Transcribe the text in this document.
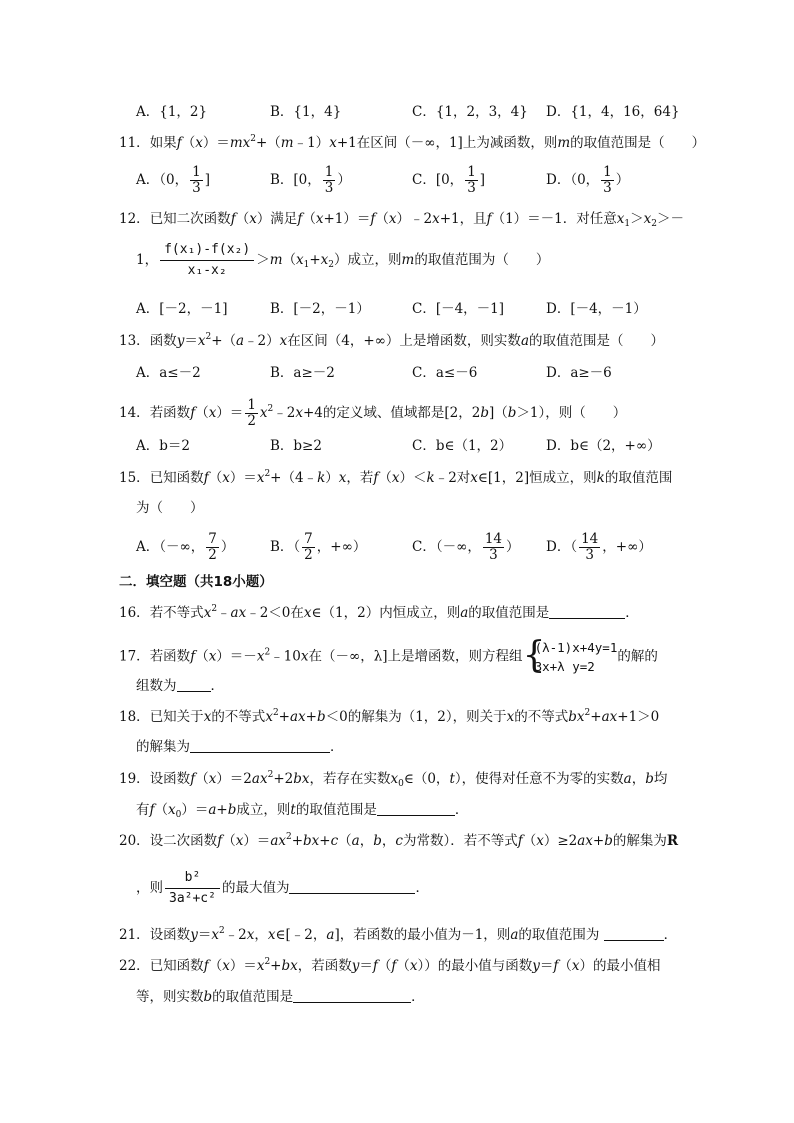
A．{1，2}	B．{1，4}	C．{1，2，3，4} D．{1，4，16，64}
11．如果$f(x)=mx^2+(m﹣1)x+1$在区间（－∞，1]上为减函数，则m的取值范围是（　　）
A．（0， $\frac{1}{3}$ ]	B．[0， $\frac{1}{3}$ ）	C．[0， $\frac{1}{3}$ ]	D．（0， $\frac{1}{3}$ ）
12．已知二次函数f（x）满足f（x+1）＝f（x）﹣2x+1，且f（1）＝－1．对任意$x_1>x_2>-$
1， $\frac{\text{f(x₁)-f(x₂)}}{\text{x₁-x₂}} >m(x_1+x_2)$成立，则m的取值范围为（　　）
A．[－2，－1]	B．[－2，－1）	C．[－4，－1]	D．[－4，－1）
13．函数$y=x^2+(a﹣2)x$在区间（4，+∞）上是增函数，则实数a的取值范围是（　　）
A．a≤－2	B．a≥－2	C．a≤－6	D．a≥－6
14．若函数$f(x)= \frac{1}{2}$ $x^2﹣2x+4$的定义域、值域都是[2，2b]（b＞1），则（　　）
A．b＝2	B．b≥2	C．b∈（1，2）	D．b∈（2，+∞）
15．已知函数$f(x)=x^2+(4﹣k)x$，若f（x）＜k﹣2对x∈[1，2]恒成立，则k的取值范围
为（　　）
A．（－∞， $\frac{7}{2}$ ）	B．（ $\frac{7}{2}$ ，+∞）	C．（－∞， $\frac{14}{3}$ ） D．（ $\frac{14}{3}$ ，+∞）
二．填空题（共18小题）
16．若不等式$x^2﹣ax﹣2<0$在x∈（1，2）内恒成立，则a的取值范围是	．
17．若函数$f(x)=-x^2﹣10x$在（－∞，λ]上是增函数，则方程组 {
(λ-1)x+4y=1
3x+λ y=2
的解的
组数为	．
18．已知关于x的不等式$x^2+ax+b<0$的解集为（1，2），则关于x的不等式$bx^2+ax+1>0$
的解集为	．
19．设函数$f(x)=2ax^2+2bx$，若存在实数$x_0\in(0$，t），使得对任意不为零的实数a，b均
有$f(x_0)=a+b$成立，则t的取值范围是	．
20．设二次函数$f(x)=ax^2+bx+c(a$，b，c为常数）．若不等式f（x）≥2ax+b的解集为R
，则 $\frac{\text{b²}}{\text{3a²+c²}}$ 的最大值为	．
21．设函数$y=x^2﹣2x$，x∈[﹣2，a]，若函数的最小值为－1，则a的取值范围为	．
22．已知函数$f(x)=x^2+bx$，若函数y＝f（f（x））的最小值与函数y＝f（x）的最小值相
等，则实数b的取值范围是	．
